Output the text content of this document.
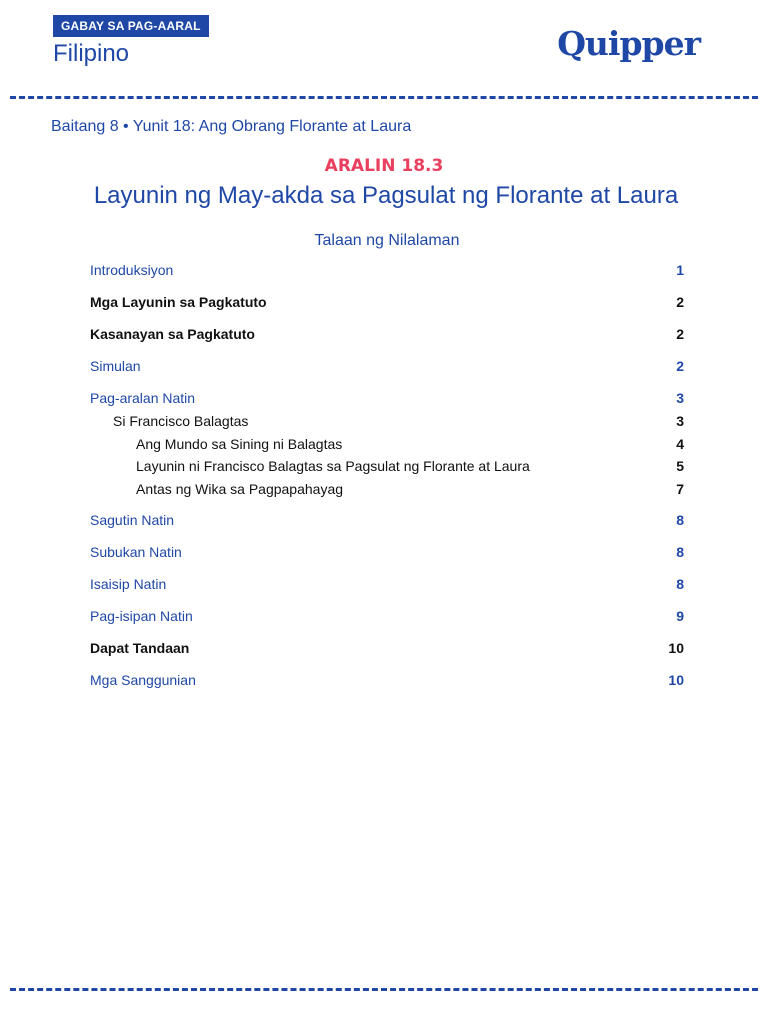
GABAY SA PAG-AARAL
Filipino	Quipper
Baitang 8 • Yunit 18: Ang Obrang Florante at Laura
ARALIN 18.3
Layunin ng May-akda sa Pagsulat ng Florante at Laura
Talaan ng Nilalaman
Introduksiyon	1
Mga Layunin sa Pagkatuto	2
Kasanayan sa Pagkatuto	2
Simulan	2
Pag-aralan Natin	3
Si Francisco Balagtas	3
Ang Mundo sa Sining ni Balagtas	4
Layunin ni Francisco Balagtas sa Pagsulat ng Florante at Laura	5
Antas ng Wika sa Pagpapahayag	7
Sagutin Natin	8
Subukan Natin	8
Isaisip Natin	8
Pag-isipan Natin	9
Dapat Tandaan	10
Mga Sanggunian	10
